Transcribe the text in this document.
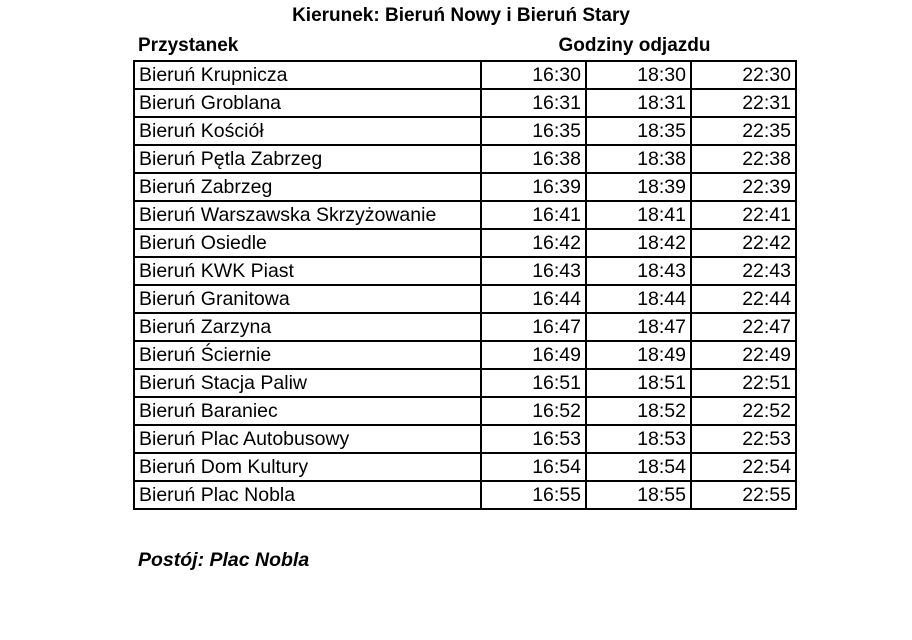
Kierunek: Bieruń Nowy i Bieruń Stary
Przystanek	Godziny odjazdu
Bieruń Krupnicza	16:30	18:30	22:30
Bieruń Groblana	16:31	18:31	22:31
Bieruń Kościół	16:35	18:35	22:35
Bieruń Pętla Zabrzeg	16:38	18:38	22:38
Bieruń Zabrzeg	16:39	18:39	22:39
Bieruń Warszawska Skrzyżowanie	16:41	18:41	22:41
Bieruń Osiedle	16:42	18:42	22:42
Bieruń KWK Piast	16:43	18:43	22:43
Bieruń Granitowa	16:44	18:44	22:44
Bieruń Zarzyna	16:47	18:47	22:47
Bieruń Ściernie	16:49	18:49	22:49
Bieruń Stacja Paliw	16:51	18:51	22:51
Bieruń Baraniec	16:52	18:52	22:52
Bieruń Plac Autobusowy	16:53	18:53	22:53
Bieruń Dom Kultury	16:54	18:54	22:54
Bieruń Plac Nobla	16:55	18:55	22:55
Postój: Plac Nobla
